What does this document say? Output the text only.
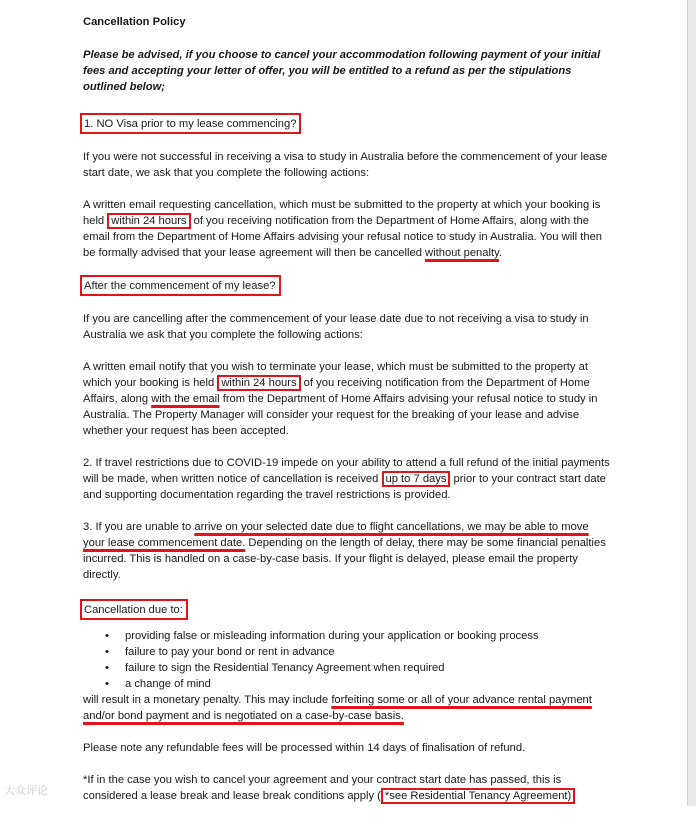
Cancellation Policy
Please be advised, if you choose to cancel your accommodation following payment of your initial fees and accepting your letter of offer, you will be entitled to a refund as per the stipulations outlined below;
1. NO Visa prior to my lease commencing?

If you were not successful in receiving a visa to study in Australia before the commencement of your lease start date, we ask that you complete the following actions:

A written email requesting cancellation, which must be submitted to the property at which your booking is held within 24 hours of you receiving notification from the Department of Home Affairs, along with the email from the Department of Home Affairs advising your refusal notice to study in Australia. You will then be formally advised that your lease agreement will then be cancelled without penalty.

After the commencement of my lease?

If you are cancelling after the commencement of your lease date due to not receiving a visa to study in Australia we ask that you complete the following actions:

A written email notify that you wish to terminate your lease, which must be submitted to the property at which your booking is held within 24 hours of you receiving notification from the Department of Home Affairs, along with the email from the Department of Home Affairs advising your refusal notice to study in Australia. The Property Manager will consider your request for the breaking of your lease and advise whether your request has been accepted.

2. If travel restrictions due to COVID-19 impede on your ability to attend a full refund of the initial payments will be made, when written notice of cancellation is received up to 7 days prior to your contract start date and supporting documentation regarding the travel restrictions is provided.

3. If you are unable to arrive on your selected date due to flight cancellations, we may be able to move your lease commencement date. Depending on the length of delay, there may be some financial penalties incurred. This is handled on a case-by-case basis. If your flight is delayed, please email the property directly.

Cancellation due to:
• providing false or misleading information during your application or booking process
• failure to pay your bond or rent in advance
• failure to sign the Residential Tenancy Agreement when required
• a change of mind

will result in a monetary penalty. This may include forfeiting some or all of your advance rental payment and/or bond payment and is negotiated on a case-by-case basis.

Please note any refundable fees will be processed within 14 days of finalisation of refund.

*If in the case you wish to cancel your agreement and your contract start date has passed, this is considered a lease break and lease break conditions apply ( *see Residential Tenancy Agreement)

大众评论
